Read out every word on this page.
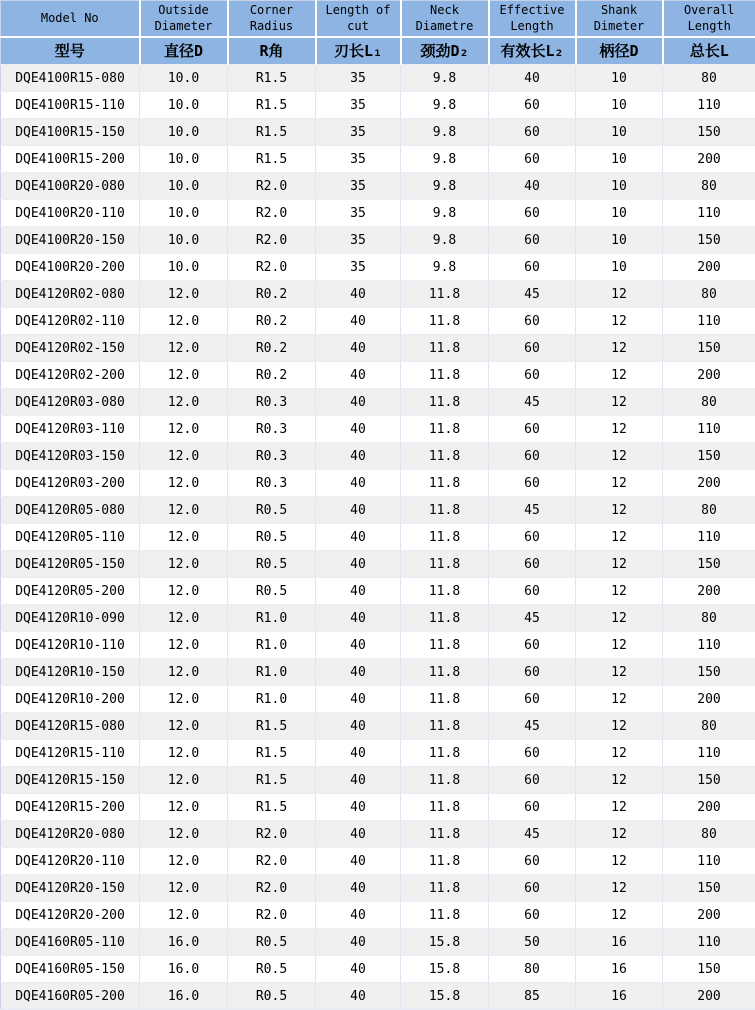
Model No	Outside Diameter	Corner Radius	Length of cut	Neck Diametre	Effective Length	Shank Dimeter	Overall Length
型号	直径D	R角	刃长L₁	颈劲D₂	有效长L₂	柄径D	总长L
DQE4100R15-080	10.0	R1.5	35	9.8	40	10	80
DQE4100R15-110	10.0	R1.5	35	9.8	60	10	110
DQE4100R15-150	10.0	R1.5	35	9.8	60	10	150
DQE4100R15-200	10.0	R1.5	35	9.8	60	10	200
DQE4100R20-080	10.0	R2.0	35	9.8	40	10	80
DQE4100R20-110	10.0	R2.0	35	9.8	60	10	110
DQE4100R20-150	10.0	R2.0	35	9.8	60	10	150
DQE4100R20-200	10.0	R2.0	35	9.8	60	10	200
DQE4120R02-080	12.0	R0.2	40	11.8	45	12	80
DQE4120R02-110	12.0	R0.2	40	11.8	60	12	110
DQE4120R02-150	12.0	R0.2	40	11.8	60	12	150
DQE4120R02-200	12.0	R0.2	40	11.8	60	12	200
DQE4120R03-080	12.0	R0.3	40	11.8	45	12	80
DQE4120R03-110	12.0	R0.3	40	11.8	60	12	110
DQE4120R03-150	12.0	R0.3	40	11.8	60	12	150
DQE4120R03-200	12.0	R0.3	40	11.8	60	12	200
DQE4120R05-080	12.0	R0.5	40	11.8	45	12	80
DQE4120R05-110	12.0	R0.5	40	11.8	60	12	110
DQE4120R05-150	12.0	R0.5	40	11.8	60	12	150
DQE4120R05-200	12.0	R0.5	40	11.8	60	12	200
DQE4120R10-090	12.0	R1.0	40	11.8	45	12	80
DQE4120R10-110	12.0	R1.0	40	11.8	60	12	110
DQE4120R10-150	12.0	R1.0	40	11.8	60	12	150
DQE4120R10-200	12.0	R1.0	40	11.8	60	12	200
DQE4120R15-080	12.0	R1.5	40	11.8	45	12	80
DQE4120R15-110	12.0	R1.5	40	11.8	60	12	110
DQE4120R15-150	12.0	R1.5	40	11.8	60	12	150
DQE4120R15-200	12.0	R1.5	40	11.8	60	12	200
DQE4120R20-080	12.0	R2.0	40	11.8	45	12	80
DQE4120R20-110	12.0	R2.0	40	11.8	60	12	110
DQE4120R20-150	12.0	R2.0	40	11.8	60	12	150
DQE4120R20-200	12.0	R2.0	40	11.8	60	12	200
DQE4160R05-110	16.0	R0.5	40	15.8	50	16	110
DQE4160R05-150	16.0	R0.5	40	15.8	80	16	150
DQE4160R05-200	16.0	R0.5	40	15.8	85	16	200
